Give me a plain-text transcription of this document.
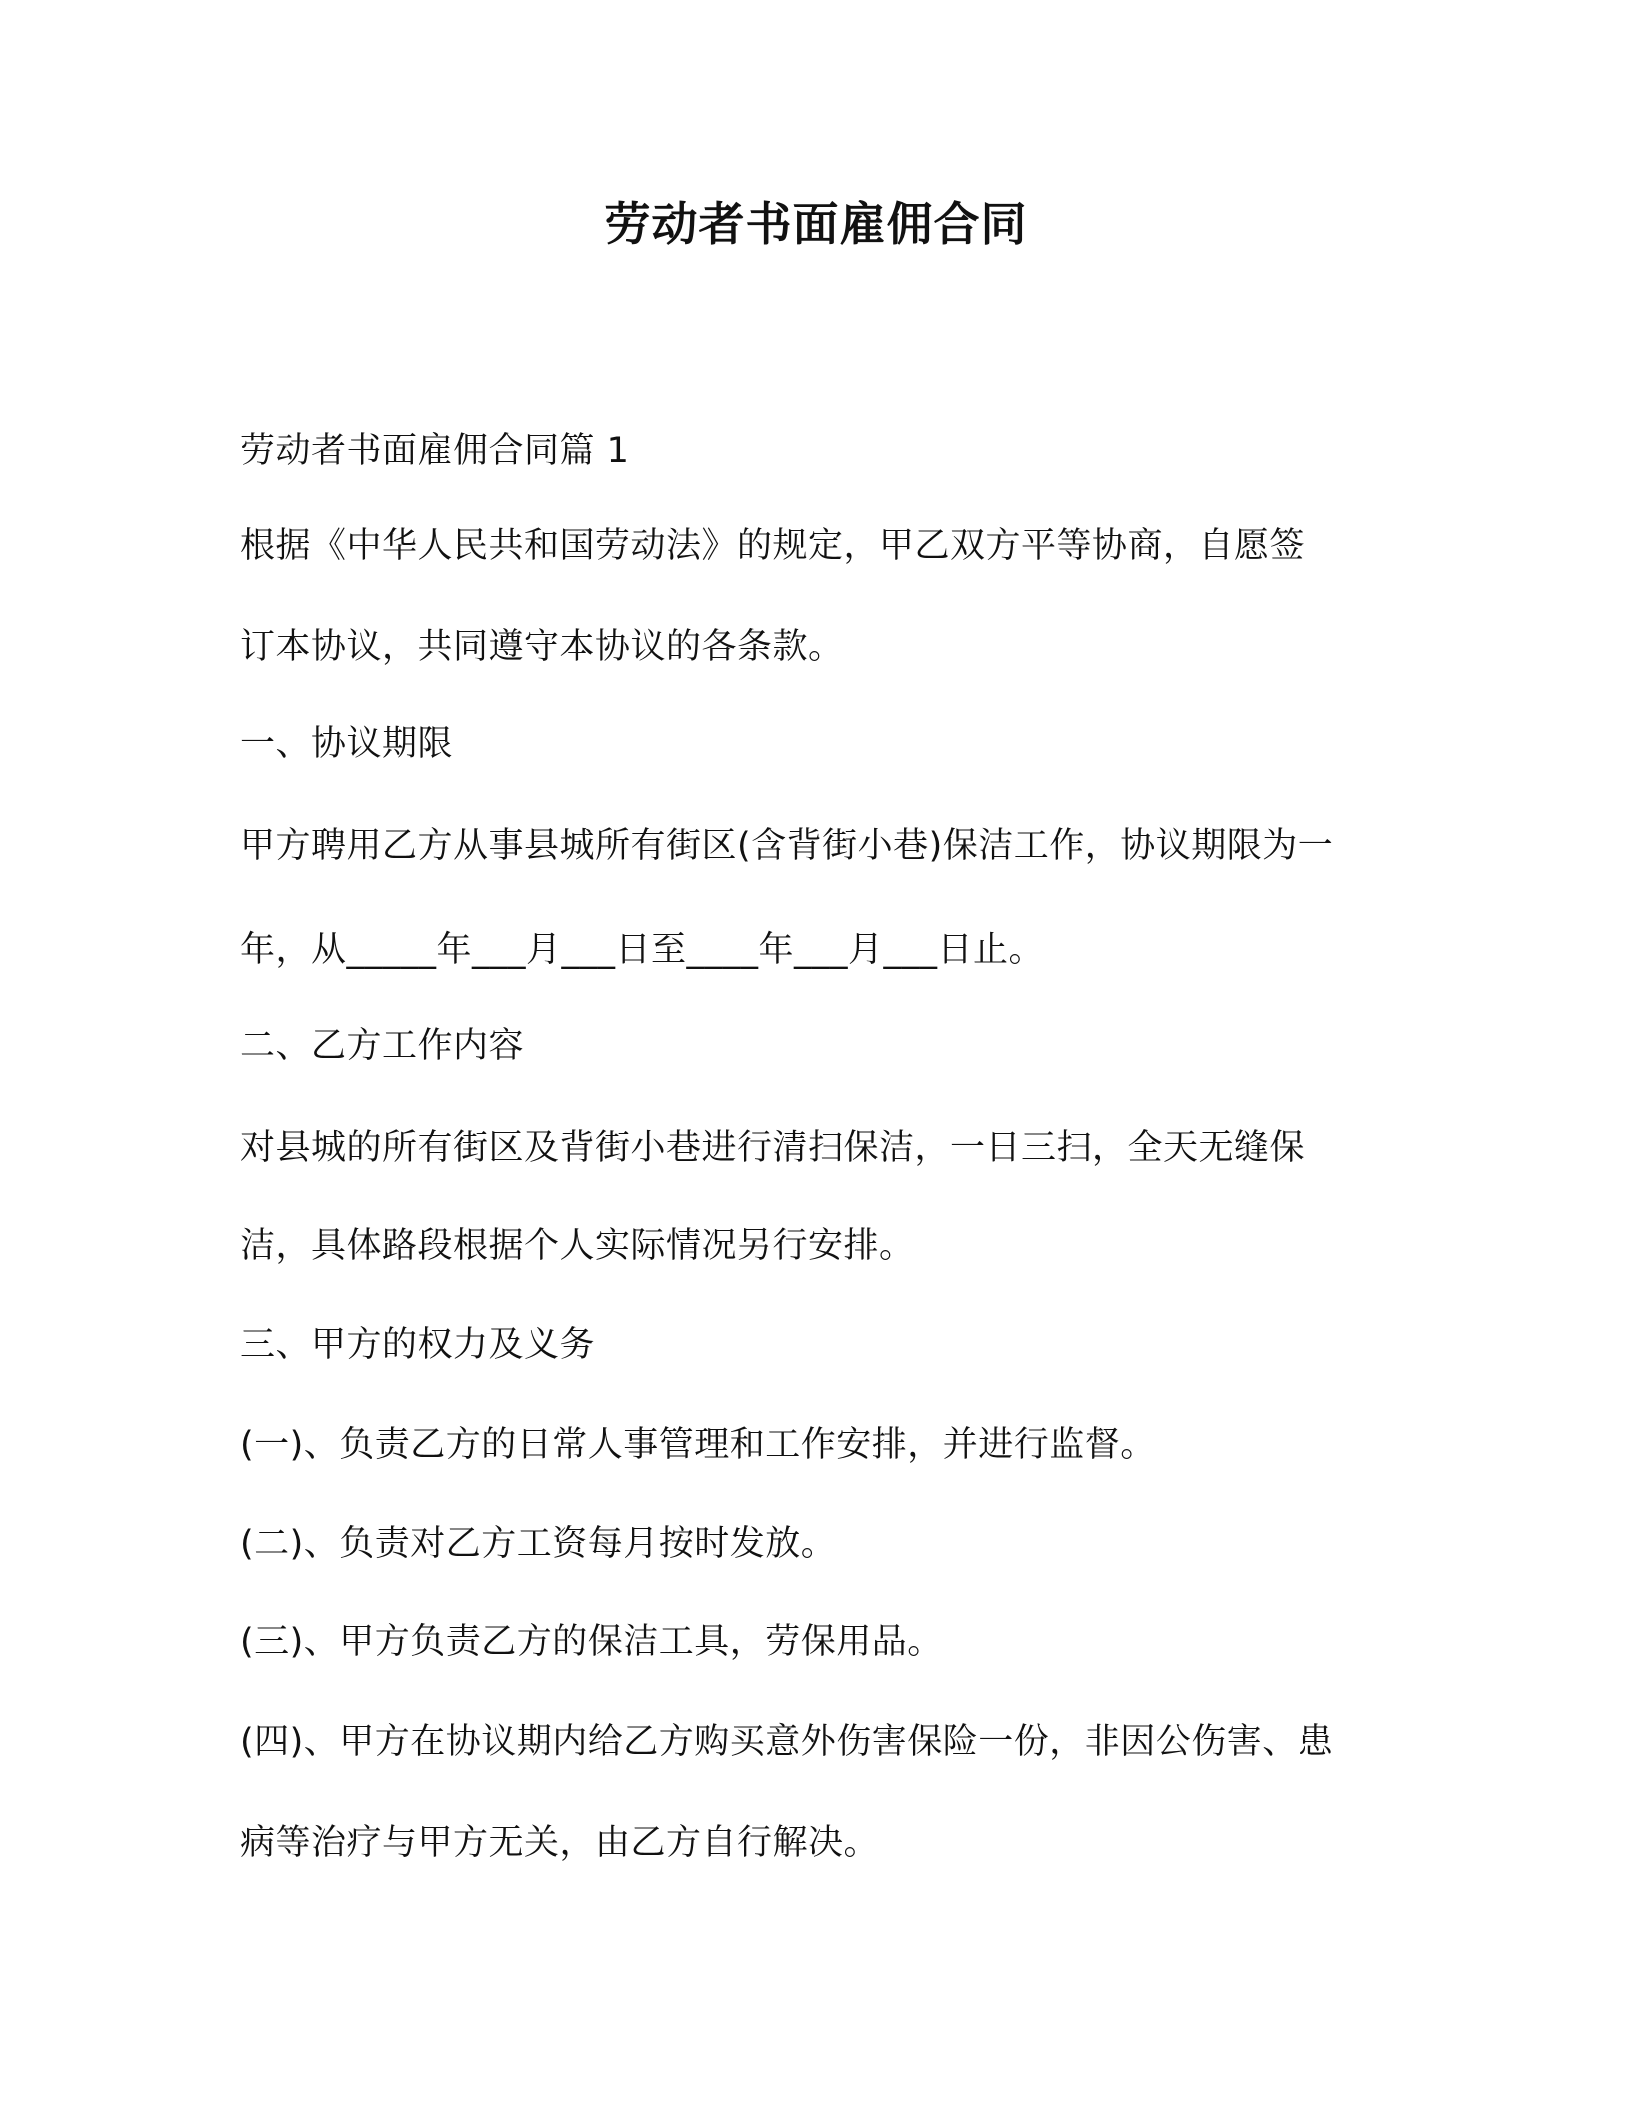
劳动者书面雇佣合同
劳动者书面雇佣合同篇 1
根据《中华人民共和国劳动法》的规定，甲乙双方平等协商，自愿签
订本协议，共同遵守本协议的各条款。
一、协议期限
甲方聘用乙方从事县城所有街区(含背街小巷)保洁工作，协议期限为一
年，从_____年___月___日至____年___月___日止。
二、乙方工作内容
对县城的所有街区及背街小巷进行清扫保洁，一日三扫，全天无缝保
洁，具体路段根据个人实际情况另行安排。
三、甲方的权力及义务
(一)、负责乙方的日常人事管理和工作安排，并进行监督。
(二)、负责对乙方工资每月按时发放。
(三)、甲方负责乙方的保洁工具，劳保用品。
(四)、甲方在协议期内给乙方购买意外伤害保险一份，非因公伤害、患
病等治疗与甲方无关，由乙方自行解决。
